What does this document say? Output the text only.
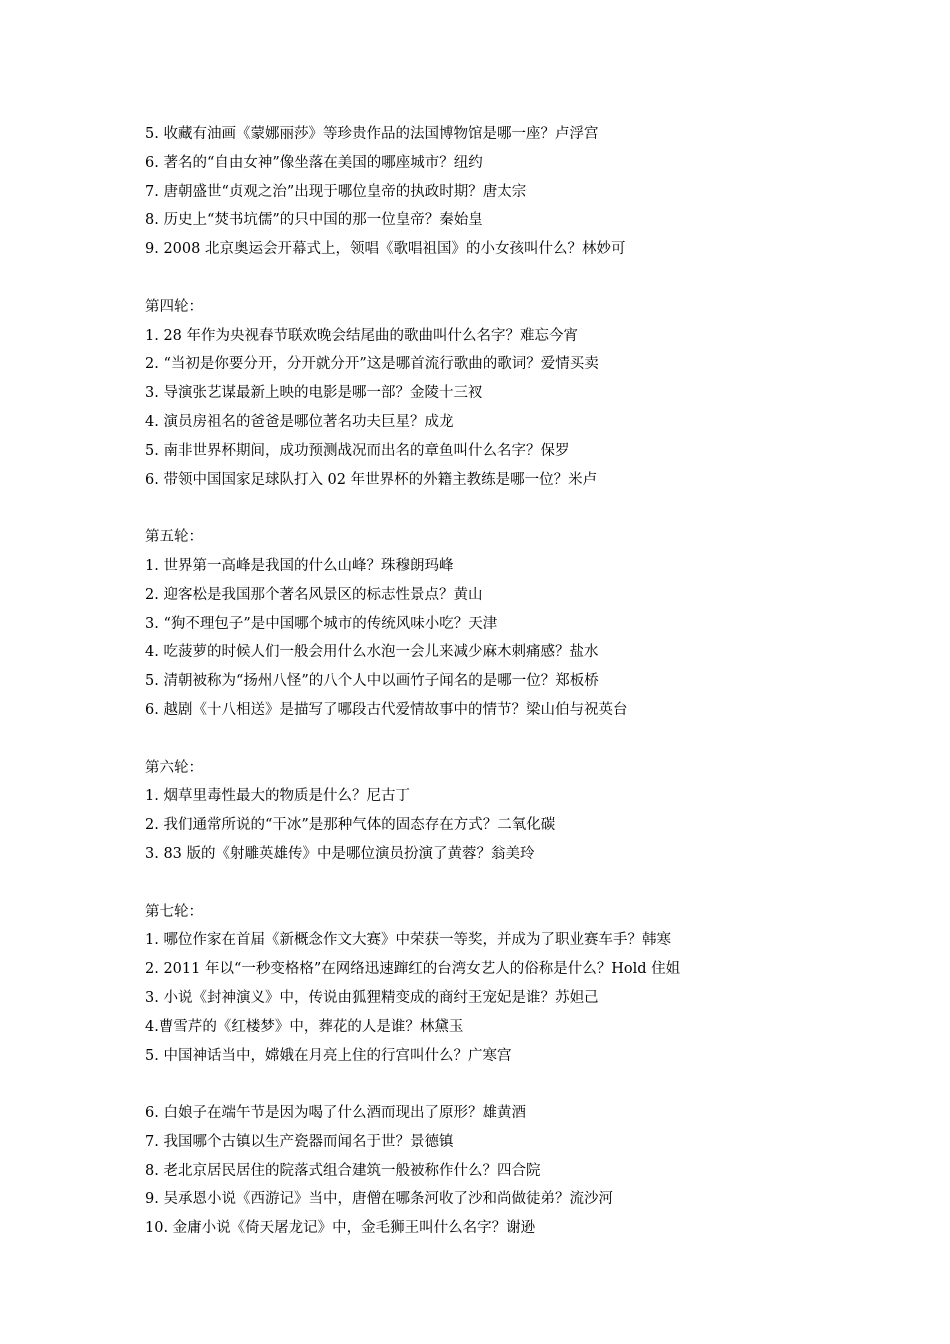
5. 收藏有油画《蒙娜丽莎》等珍贵作品的法国博物馆是哪一座？卢浮宫
6. 著名的“自由女神”像坐落在美国的哪座城市？纽约
7. 唐朝盛世“贞观之治”出现于哪位皇帝的执政时期？唐太宗
8. 历史上“焚书坑儒”的只中国的那一位皇帝？秦始皇
9. 2008 北京奥运会开幕式上，领唱《歌唱祖国》的小女孩叫什么？林妙可
第四轮：
1. 28 年作为央视春节联欢晚会结尾曲的歌曲叫什么名字？难忘今宵
2. “当初是你要分开，分开就分开”这是哪首流行歌曲的歌词？爱情买卖
3. 导演张艺谋最新上映的电影是哪一部？金陵十三衩
4. 演员房祖名的爸爸是哪位著名功夫巨星？成龙
5. 南非世界杯期间，成功预测战况而出名的章鱼叫什么名字？保罗
6. 带领中国国家足球队打入 02 年世界杯的外籍主教练是哪一位？米卢
第五轮：
1. 世界第一高峰是我国的什么山峰？珠穆朗玛峰
2. 迎客松是我国那个著名风景区的标志性景点？黄山
3. “狗不理包子”是中国哪个城市的传统风味小吃？天津
4. 吃菠萝的时候人们一般会用什么水泡一会儿来减少麻木刺痛感？盐水
5. 清朝被称为“扬州八怪”的八个人中以画竹子闻名的是哪一位？郑板桥
6. 越剧《十八相送》是描写了哪段古代爱情故事中的情节？梁山伯与祝英台
第六轮：
1. 烟草里毒性最大的物质是什么？尼古丁
2. 我们通常所说的“干冰”是那种气体的固态存在方式？二氧化碳
3. 83 版的《射雕英雄传》中是哪位演员扮演了黄蓉？翁美玲
第七轮：
1. 哪位作家在首届《新概念作文大赛》中荣获一等奖，并成为了职业赛车手？韩寒
2. 2011 年以“一秒变格格”在网络迅速蹿红的台湾女艺人的俗称是什么？Hold 住姐
3. 小说《封神演义》中，传说由狐狸精变成的商纣王宠妃是谁？苏妲己
4.曹雪芹的《红楼梦》中，葬花的人是谁？林黛玉
5. 中国神话当中，嫦娥在月亮上住的行宫叫什么？广寒宫
6. 白娘子在端午节是因为喝了什么酒而现出了原形？雄黄酒
7. 我国哪个古镇以生产瓷器而闻名于世？景德镇
8. 老北京居民居住的院落式组合建筑一般被称作什么？四合院
9. 吴承恩小说《西游记》当中，唐僧在哪条河收了沙和尚做徒弟？流沙河
10. 金庸小说《倚天屠龙记》中，金毛狮王叫什么名字？谢逊
